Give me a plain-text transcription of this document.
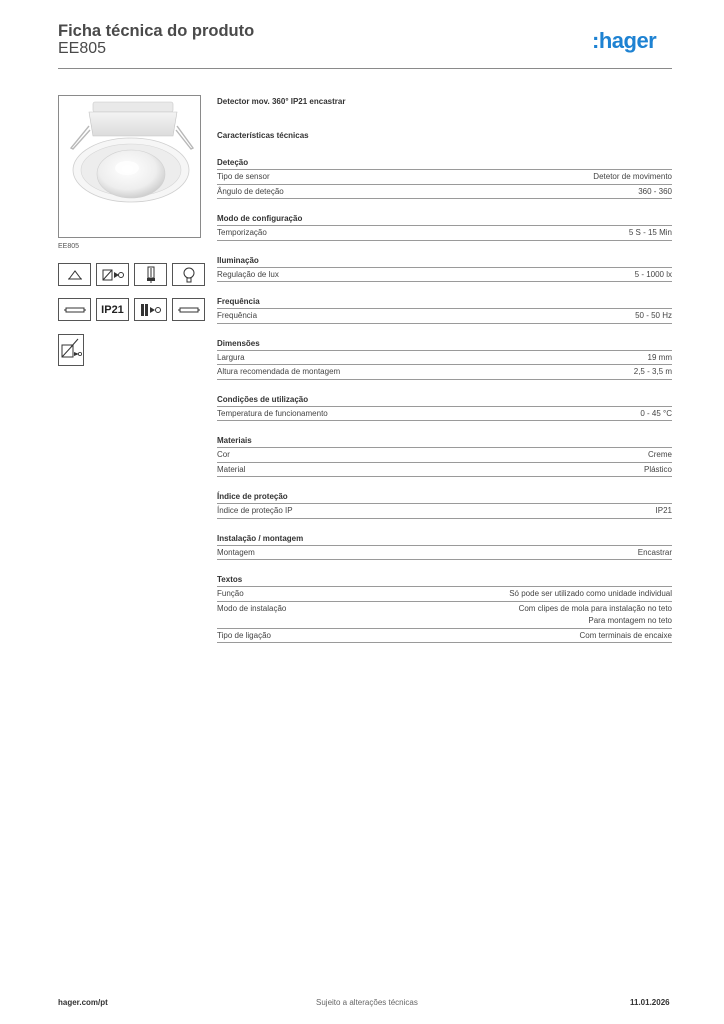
Ficha técnica do produto
EE805	:hager
EE805
IP21
Detector mov. 360° IP21 encastrar
Características técnicas
Deteção
Tipo de sensor	Detetor de movimento
Ângulo de deteção	360 - 360
Modo de configuração
Temporização	5 S - 15 Min
Iluminação
Regulação de lux	5 - 1000 lx
Frequência
Frequência	50 - 50 Hz
Dimensões
Largura	19 mm
Altura recomendada de montagem	2,5 - 3,5 m
Condições de utilização
Temperatura de funcionamento	0 - 45 °C
Materiais
Cor	Creme
Material	Plástico
Índice de proteção
Índice de proteção IP	IP21
Instalação / montagem
Montagem	Encastrar
Textos
Função	Só pode ser utilizado como unidade individual
Modo de instalação	Com clipes de mola para instalação no teto
Para montagem no teto
Tipo de ligação	Com terminais de encaixe
hager.com/pt	Sujeito a alterações técnicas	11.01.2026
